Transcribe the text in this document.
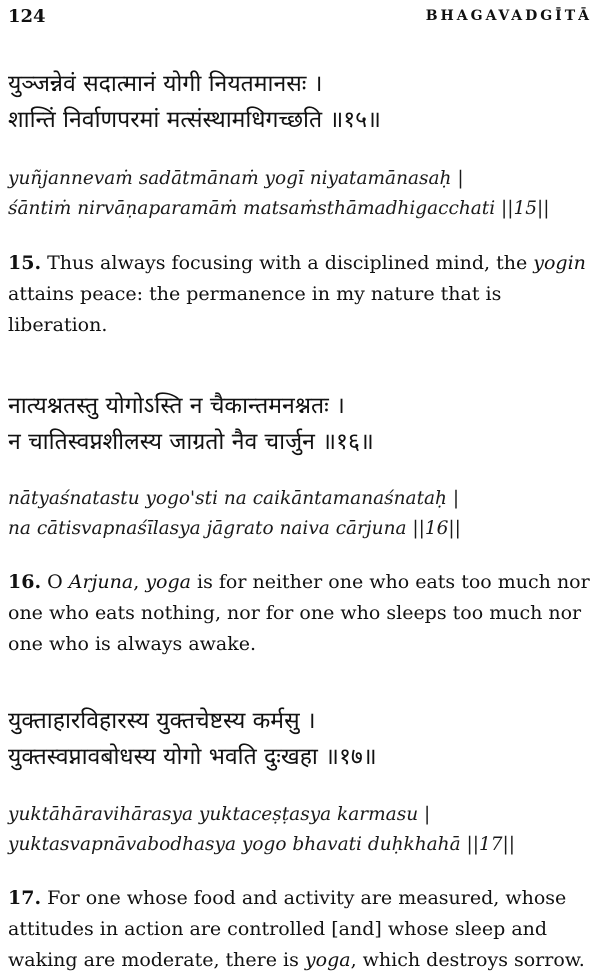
124	BHAGAVADGĪTĀ
युञ्जन्नेवं सदात्मानं योगी नियतमानसः ।
शान्तिं निर्वाणपरमां मत्संस्थामधिगच्छति ॥१५॥
yuñjannevaṁ sadātmānaṁ yogī niyatamānasaḥ |
śāntiṁ nirvāṇaparamāṁ matsaṁsthāmadhigacchati ||15||
15. Thus always focusing with a disciplined mind, the yogin attains peace: the permanence in my nature that is liberation.
नात्यश्नतस्तु योगोऽस्ति न चैकान्तमनश्नतः ।
न चातिस्वप्नशीलस्य जाग्रतो नैव चार्जुन ॥१६॥
nātyaśnatastu yogo'sti na caikāntamanaśnataḥ |
na cātisvapnaśīlasya jāgrato naiva cārjuna ||16||
16. O Arjuna, yoga is for neither one who eats too much nor one who eats nothing, nor for one who sleeps too much nor one who is always awake.
युक्ताहारविहारस्य युक्तचेष्टस्य कर्मसु ।
युक्तस्वप्नावबोधस्य योगो भवति दुःखहा ॥१७॥
yuktāhāravihārasya yuktaceṣṭasya karmasu |
yuktasvapnāvabodhasya yogo bhavati duḥkhahā ||17||
17. For one whose food and activity are measured, whose attitudes in action are controlled [and] whose sleep and waking are moderate, there is yoga, which destroys sorrow.
